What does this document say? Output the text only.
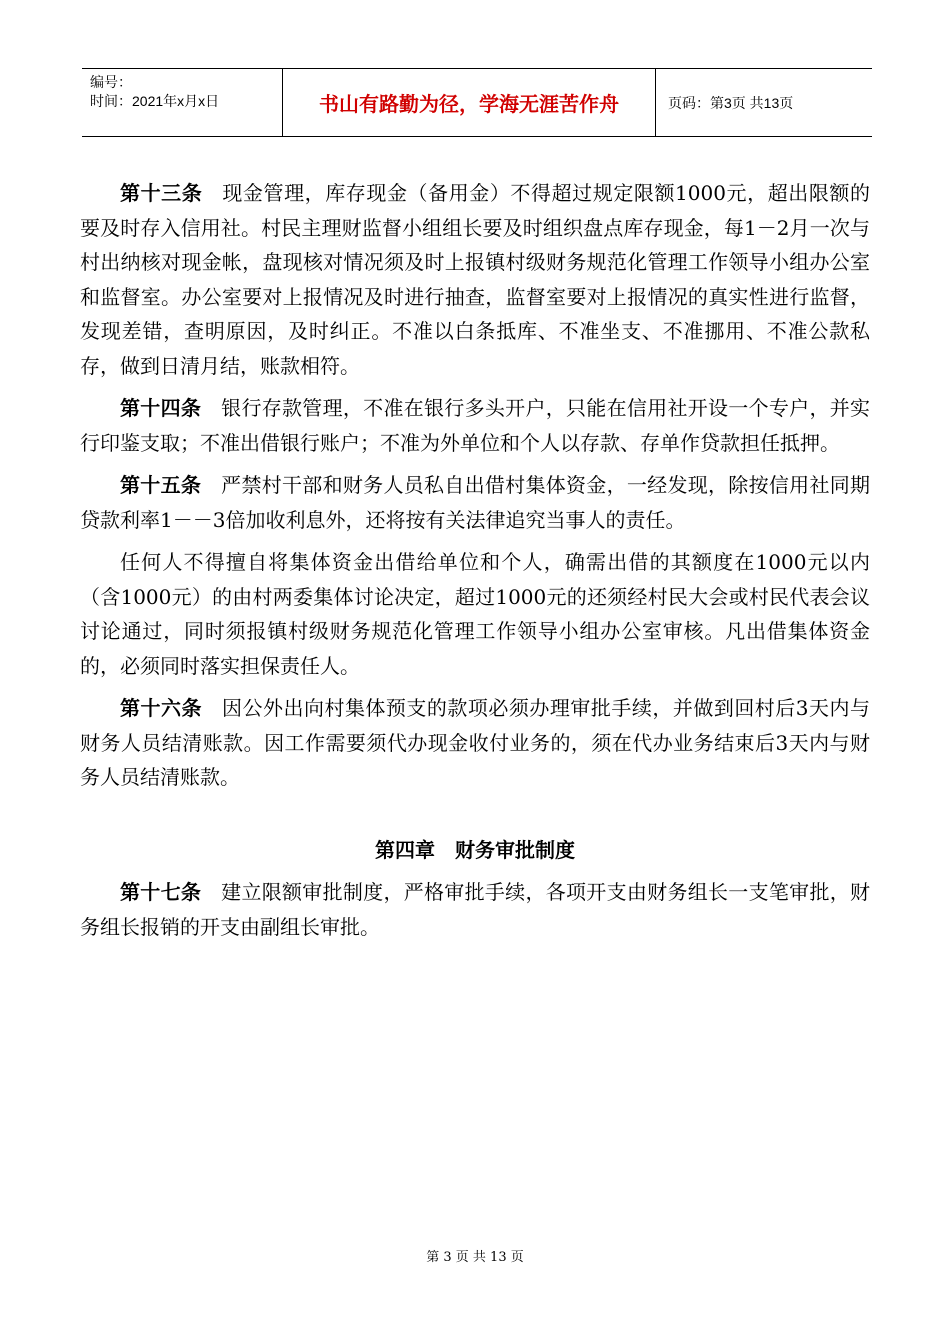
编号：
时间：2021年x月x日	书山有路勤为径，学海无涯苦作舟	页码：第3页 共13页

第十三条 现金管理，库存现金（备用金）不得超过规定限额1000元，超出限额的要及时存入信用社。村民主理财监督小组组长要及时组织盘点库存现金，每1－2月一次与村出纳核对现金帐，盘现核对情况须及时上报镇村级财务规范化管理工作领导小组办公室和监督室。办公室要对上报情况及时进行抽查，监督室要对上报情况的真实性进行监督，发现差错，查明原因，及时纠正。不准以白条抵库、不准坐支、不准挪用、不准公款私存，做到日清月结，账款相符。

第十四条 银行存款管理，不准在银行多头开户，只能在信用社开设一个专户，并实行印鉴支取；不准出借银行账户；不准为外单位和个人以存款、存单作贷款担任抵押。

第十五条 严禁村干部和财务人员私自出借村集体资金，一经发现，除按信用社同期贷款利率1－－3倍加收利息外，还将按有关法律追究当事人的责任。

任何人不得擅自将集体资金出借给单位和个人，确需出借的其额度在1000元以内（含1000元）的由村两委集体讨论决定，超过1000元的还须经村民大会或村民代表会议讨论通过，同时须报镇村级财务规范化管理工作领导小组办公室审核。凡出借集体资金的，必须同时落实担保责任人。

第十六条 因公外出向村集体预支的款项必须办理审批手续，并做到回村后3天内与财务人员结清账款。因工作需要须代办现金收付业务的，须在代办业务结束后3天内与财务人员结清账款。

第四章　财务审批制度

第十七条 建立限额审批制度，严格审批手续，各项开支由财务组长一支笔审批，财务组长报销的开支由副组长审批。

第 3 页 共 13 页
